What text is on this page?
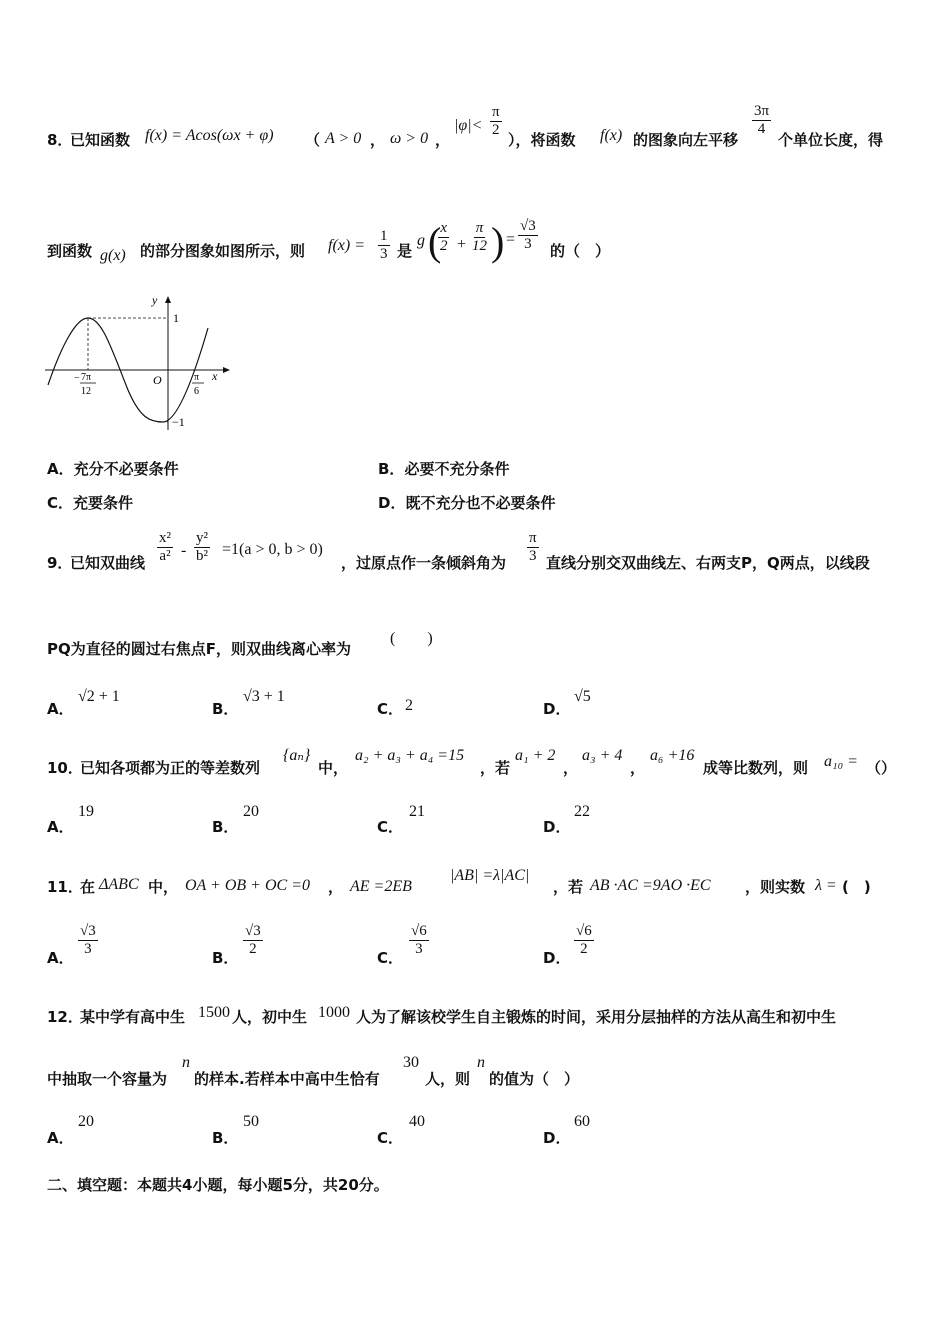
8．
已知函数 f(x) = Acos(ωx + φ) （ A > 0 ， ω > 0 ，
$|\varphi|< \frac{\pi}{2}$
），将函数 f(x) 的图象向左平移
$\frac{3\pi}{4}$
个单位长度，得
到函数 g(x) 的部分图象如图所示，则 $f(x) = \frac{1}{3}$ 是
g (
$\frac{x}{2} + \frac{\pi}{12}$ ) = $\frac{√3}{3}$ 的（　）
y
x
O
1
−1
− 7π
12
π
6
A．充分不必要条件	B．必要不充分条件
C．充要条件	D．既不充分也不必要条件
9．
已知双曲线 $\frac{\text{x²}}{\text{a²}} - \frac{\text{y²}}{\text{b²}} =1(a > 0$, b > 0)
，过原点作一条倾斜角为 $\frac{\pi}{3}$ 直线分别交双曲线左、右两支P，Q两点，以线段
PQ为直径的圆过右焦点F，则双曲线离心率为
(　　)
A．
√2 + 1
B．
√3 + 1
C． 2	D．
√5
10．
已知各项都为正的等差数列
{aₙ}
中，
a₂ + a₃ + a₄ =15
，若
a₁ + 2
，
a₃ + 4
，
a₆ +16
成等比数列，则 a₁₀ = （）
A．
19
B．
20
C．
21
D．
22
11．
在 ΔABC 中， OA + OB + OC =0 ， AE =2EB
|AB| =λ|AC|
，若 AB ·AC =9AO ·EC ，则实数 λ = (　)
A． $\frac{√3}{3}$	B． $\frac{√3}{2}$	C． $\frac{√6}{3}$	D． $\frac{√6}{2}$
12．
某中学有高中生 1500 人，初中生 1000 人为了解该校学生自主锻炼的时间，采用分层抽样的方法从高生和初中生
中抽取一个容量为
n
的样本.若样本中高中生恰有
30
人，则
n
的值为（　）
A．
20
B．
50
C．
40
D．
60
二、填空题：本题共4小题，每小题5分，共20分。
